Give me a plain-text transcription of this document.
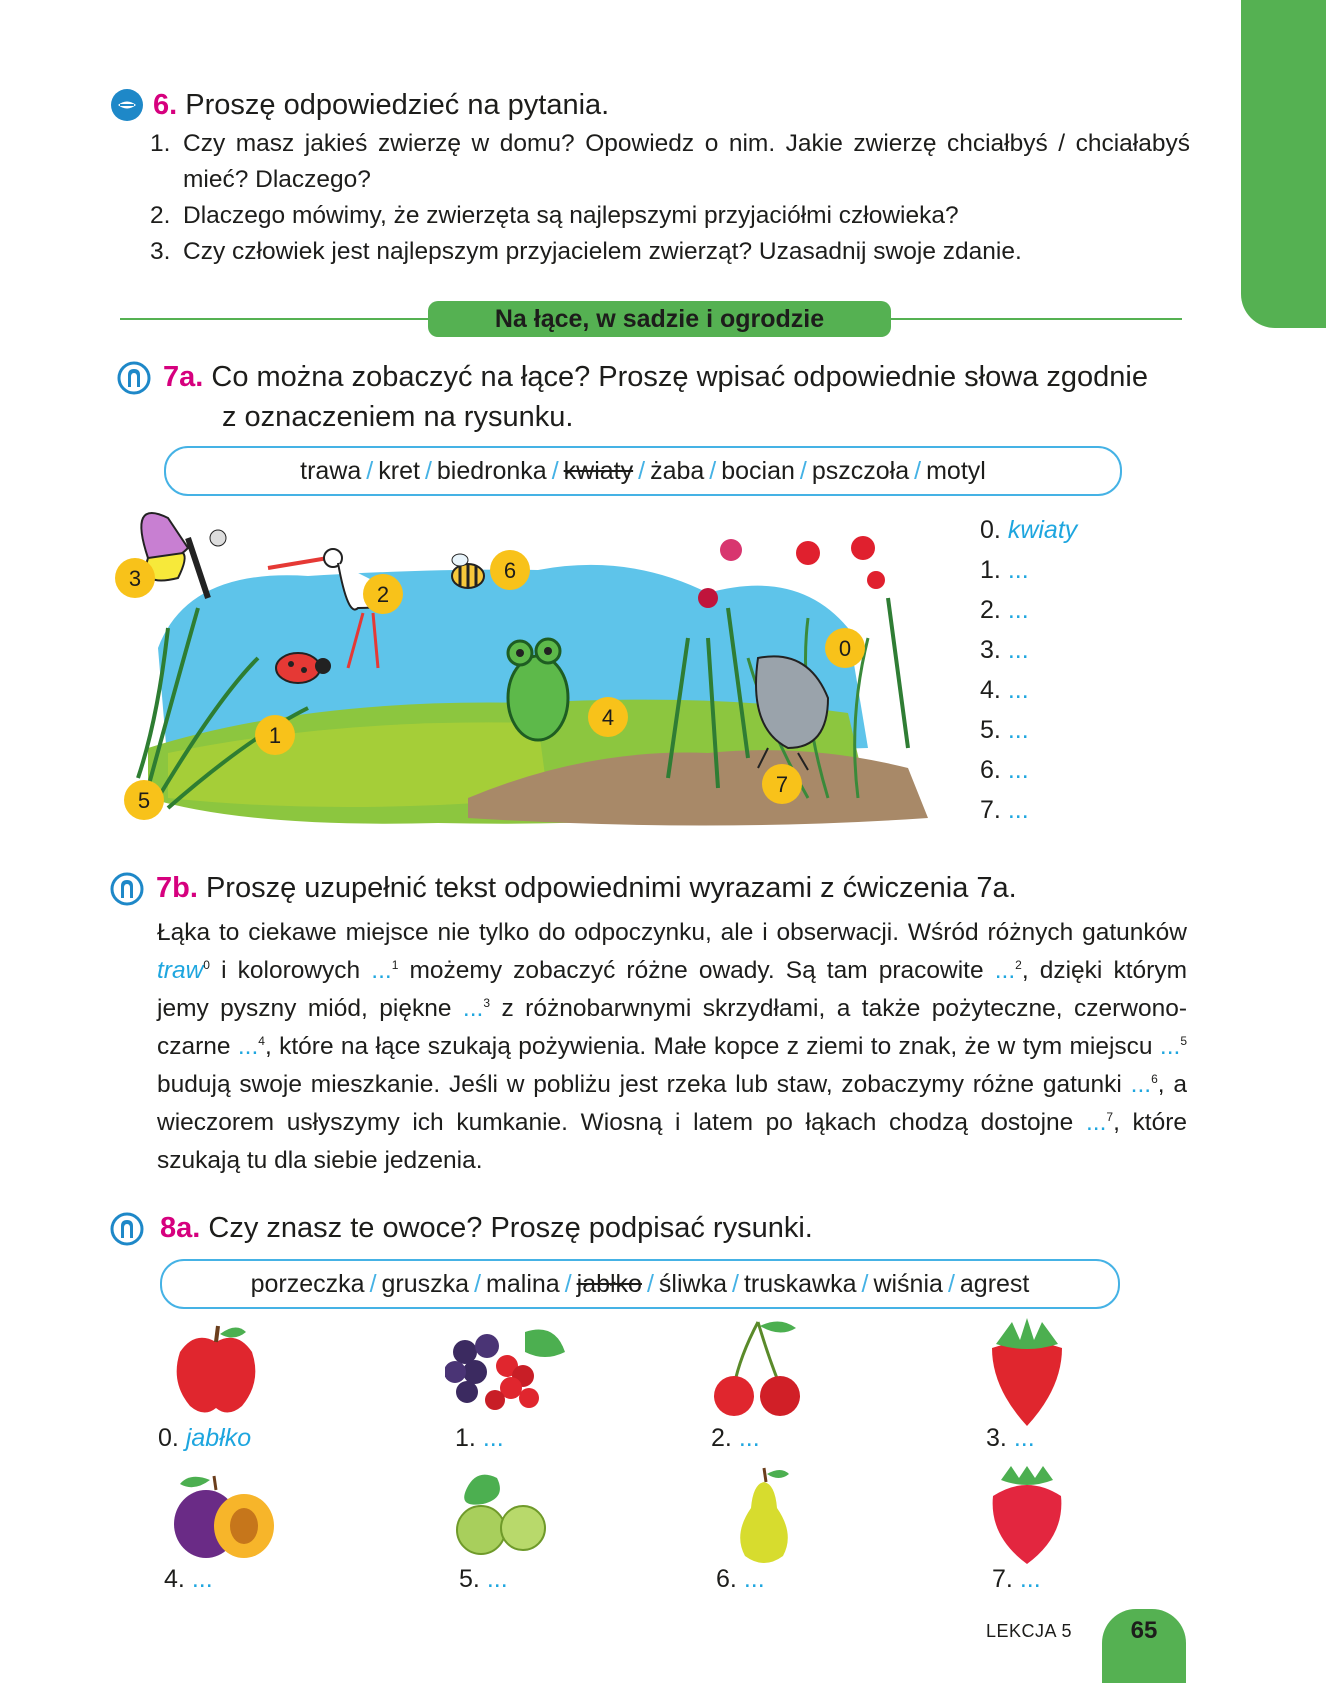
6. Proszę odpowiedzieć na pytania.
1. Czy masz jakieś zwierzę w domu? Opowiedz o nim. Jakie zwierzę chciałbyś / chciałabyś mieć? Dlaczego?
2. Dlaczego mówimy, że zwierzęta są najlepszymi przyjaciółmi człowieka?
3. Czy człowiek jest najlepszym przyjacielem zwierząt? Uzasadnij swoje zdanie.
Na łące, w sadzie i ogrodzie
7a. Co można zobaczyć na łące? Proszę wpisać odpowiednie słowa zgodnie
z oznaczeniem na rysunku.
trawa / kret / biedronka / kwiaty / żaba / bocian / pszczoła / motyl
0
1
2
3
4
5
6
7
0. kwiaty
1. ...
2. ...
3. ...
4. ...
5. ...
6. ...
7. ...
7b. Proszę uzupełnić tekst odpowiednimi wyrazami z ćwiczenia 7a.
Łąka to ciekawe miejsce nie tylko do odpoczynku, ale i obserwacji. Wśród różnych gatunków traw$^0$ i kolorowych ...$^1$ możemy zobaczyć różne owady. Są tam pracowite ...$^2$, dzięki którym jemy pyszny miód, piękne ...$^3$ z różnobarwnymi skrzydłami, a także pożyteczne, czerwono-czarne ...$^4$, które na łące szukają pożywienia. Małe kopce z ziemi to znak, że w tym miejscu ...$^5$ budują swoje mieszkanie. Jeśli w pobliżu jest rzeka lub staw, zobaczymy różne gatunki ...$^6$, a wieczorem usłyszymy ich kumkanie. Wiosną i latem po łąkach chodzą dostojne ...$^7$, które szukają tu dla siebie jedzenia.
8a. Czy znasz te owoce? Proszę podpisać rysunki.
porzeczka / gruszka / malina / jabłko / śliwka / truskawka / wiśnia / agrest
0. jabłko	1. ...	2. ...	3. ...
4. ...	5. ...	6. ...	7. ...
LEKCJA 5	65
